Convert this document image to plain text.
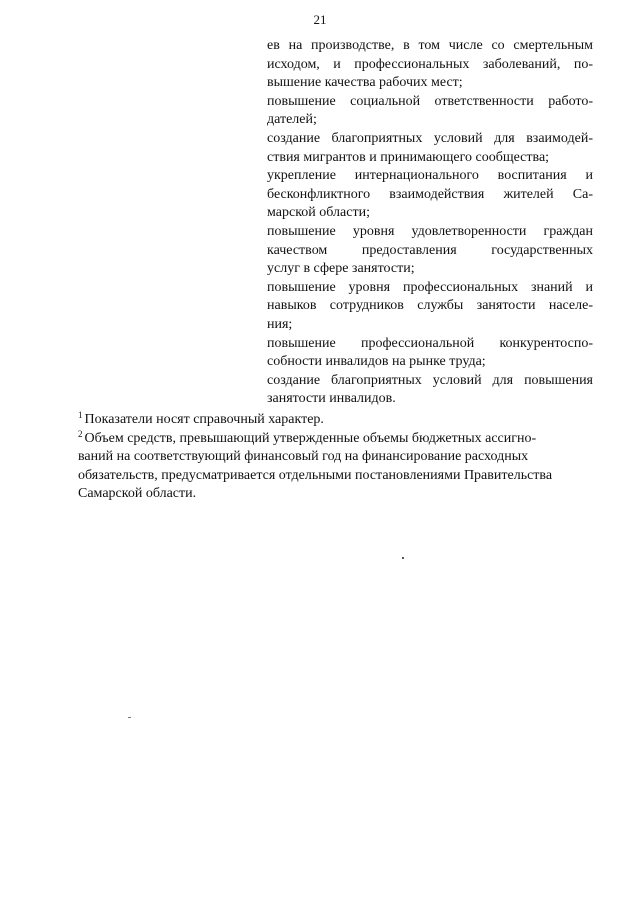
21
ев на производстве, в том числе со смертельным
исходом, и профессиональных заболеваний, по-
вышение качества рабочих мест;
повышение социальной ответственности работо-
дателей;
создание благоприятных условий для взаимодей-
ствия мигрантов и принимающего сообщества;
укрепление интернационального воспитания и
бесконфликтного взаимодействия жителей Са-
марской области;
повышение уровня удовлетворенности граждан
качеством предоставления государственных
услуг в сфере занятости;
повышение уровня профессиональных знаний и
навыков сотрудников службы занятости населе-
ния;
повышение профессиональной конкурентоспо-
собности инвалидов на рынке труда;
создание благоприятных условий для повышения
занятости инвалидов.
$^1$ Показатели носят справочный характер.
$^2$ Объем средств, превышающий утвержденные объемы бюджетных ассигно-
ваний на соответствующий финансовый год на финансирование расходных
обязательств, предусматривается отдельными постановлениями Правительства
Самарской области.
